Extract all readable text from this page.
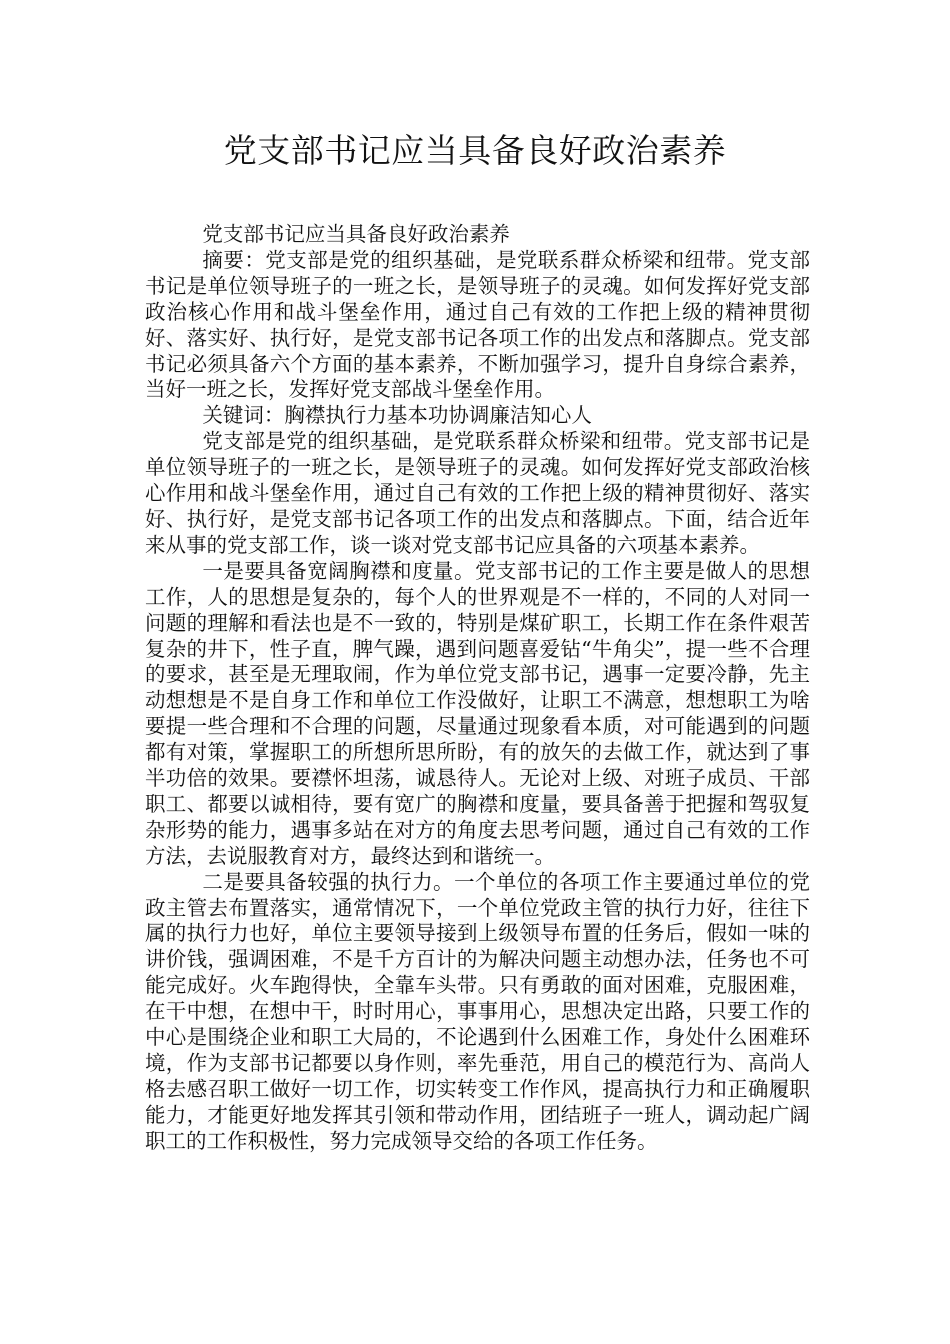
党支部书记应当具备良好政治素养

党支部书记应当具备良好政治素养

摘要：党支部是党的组织基础，是党联系群众桥梁和纽带。党支部书记是单位领导班子的一班之长，是领导班子的灵魂。如何发挥好党支部政治核心作用和战斗堡垒作用，通过自己有效的工作把上级的精神贯彻好、落实好、执行好，是党支部书记各项工作的出发点和落脚点。党支部书记必须具备六个方面的基本素养，不断加强学习，提升自身综合素养，当好一班之长，发挥好党支部战斗堡垒作用。

关键词：胸襟执行力基本功协调廉洁知心人

党支部是党的组织基础，是党联系群众桥梁和纽带。党支部书记是单位领导班子的一班之长，是领导班子的灵魂。如何发挥好党支部政治核心作用和战斗堡垒作用，通过自己有效的工作把上级的精神贯彻好、落实好、执行好，是党支部书记各项工作的出发点和落脚点。下面，结合近年来从事的党支部工作，谈一谈对党支部书记应具备的六项基本素养。

一是要具备宽阔胸襟和度量。党支部书记的工作主要是做人的思想工作，人的思想是复杂的，每个人的世界观是不一样的，不同的人对同一问题的理解和看法也是不一致的，特别是煤矿职工，长期工作在条件艰苦复杂的井下，性子直，脾气躁，遇到问题喜爱钻“牛角尖”，提一些不合理的要求，甚至是无理取闹，作为单位党支部书记，遇事一定要冷静，先主动想想是不是自身工作和单位工作没做好，让职工不满意，想想职工为啥要提一些合理和不合理的问题，尽量通过现象看本质，对可能遇到的问题都有对策，掌握职工的所想所思所盼，有的放矢的去做工作，就达到了事半功倍的效果。要襟怀坦荡，诚恳待人。无论对上级、对班子成员、干部职工、都要以诚相待，要有宽广的胸襟和度量，要具备善于把握和驾驭复杂形势的能力，遇事多站在对方的角度去思考问题，通过自己有效的工作方法，去说服教育对方，最终达到和谐统一。

二是要具备较强的执行力。一个单位的各项工作主要通过单位的党政主管去布置落实，通常情况下，一个单位党政主管的执行力好，往往下属的执行力也好，单位主要领导接到上级领导布置的任务后，假如一味的讲价钱，强调困难，不是千方百计的为解决问题主动想办法，任务也不可能完成好。火车跑得快，全靠车头带。只有勇敢的面对困难，克服困难，在干中想，在想中干，时时用心，事事用心，思想决定出路，只要工作的中心是围绕企业和职工大局的，不论遇到什么困难工作，身处什么困难环境，作为支部书记都要以身作则，率先垂范，用自己的模范行为、高尚人格去感召职工做好一切工作，切实转变工作作风，提高执行力和正确履职能力，才能更好地发挥其引领和带动作用，团结班子一班人，调动起广阔职工的工作积极性，努力完成领导交给的各项工作任务。
